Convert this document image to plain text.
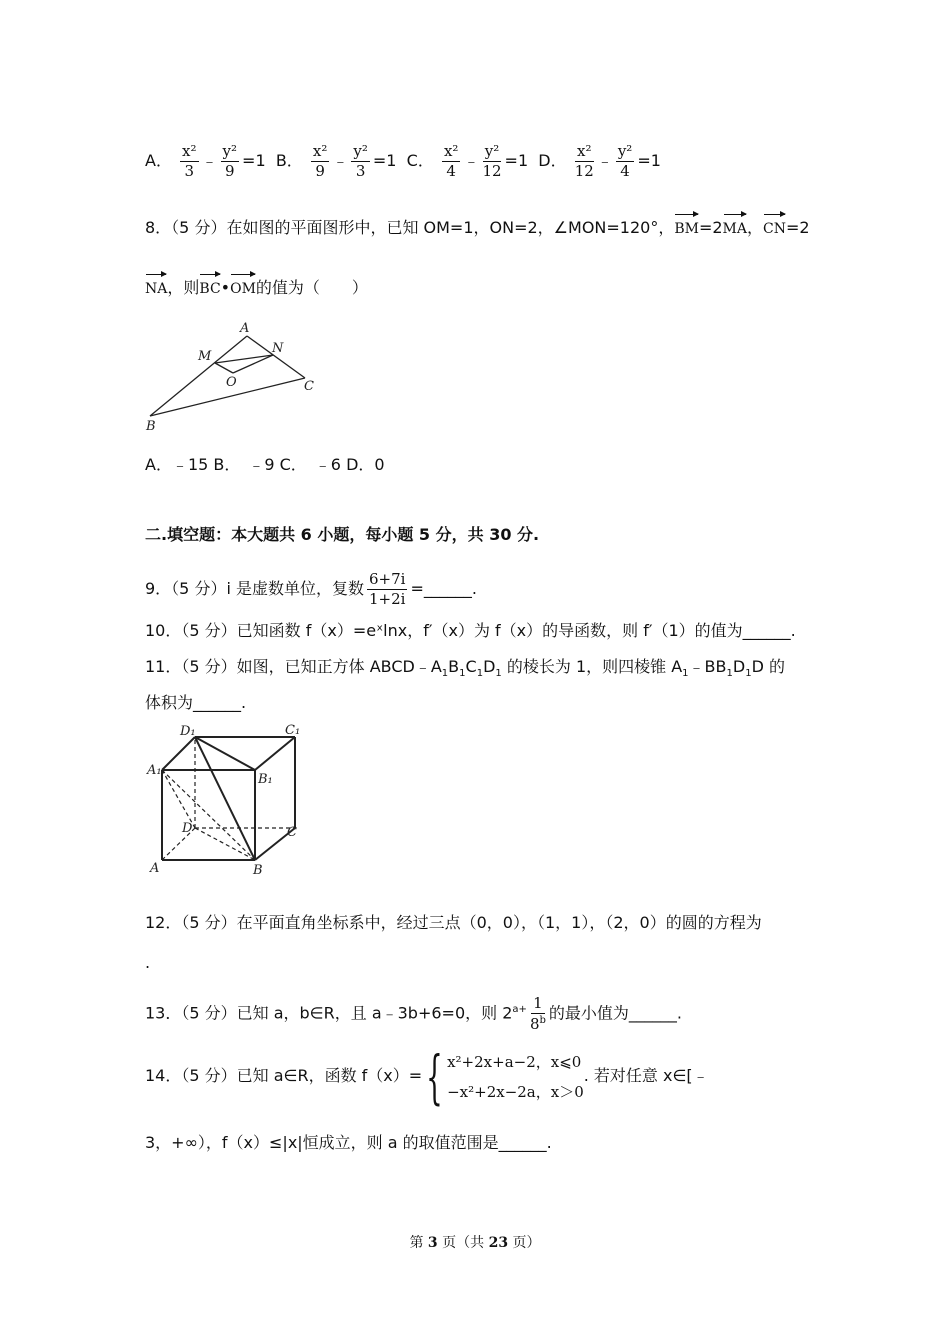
A． $\frac{\text{x²}}{3}$ ﹣ $\frac{\text{y²}}{9} =1$ B． $\frac{\text{x²}}{9}$ ﹣ $\frac{\text{y²}}{3} =1$ C． $\frac{\text{x²}}{4}$ ﹣ $\frac{\text{y²}}{12} =1$ D． $\frac{\text{x²}}{12}$ ﹣ $\frac{\text{y²}}{4} =1$
8．（5 分）在如图的平面图形中，已知 OM=1，ON=2，∠MON=120°，BM=2MA，CN=2
NA，则BC•OM的值为（　　）
A
M
N
O	C
B
A．﹣15 B．　﹣9 C．　﹣6 D．0
二.填空题：本大题共 6 小题，每小题 5 分，共 30 分.
9．（5 分）i 是虚数单位，复数 $\frac{6+7i}{1+2i}$ =______.
10．（5 分）已知函数 f（x）=eˣlnx，f′（x）为 f（x）的导函数，则 f′（1）的值为______.
11．（5 分）如图，已知正方体 $ABCD﹣A_1B_1C_1D_1$ 的棱长为 1，则四棱锥 $A_1﹣BB_1D_1D$ 的
体积为______.
D₁	C₁
A₁
B₁
D	C
A	B
12．（5 分）在平面直角坐标系中，经过三点（0，0），（1，1），（2，0）的圆的方程为
.
13．（5 分）已知 a，b∈R，且 a﹣3b+6=0，则 $2^{a+} \frac{1}{8^b}$ 的最小值为______.
14．（5 分）已知 a∈R，函数 f（x）= { x²+2x+a−2，x⩽0
−x²+2x−2a，x＞0
. 若对任意 x∈[﹣
3，+∞），f（x）≤|x|恒成立，则 a 的取值范围是______.
第 3 页（共 23 页）
